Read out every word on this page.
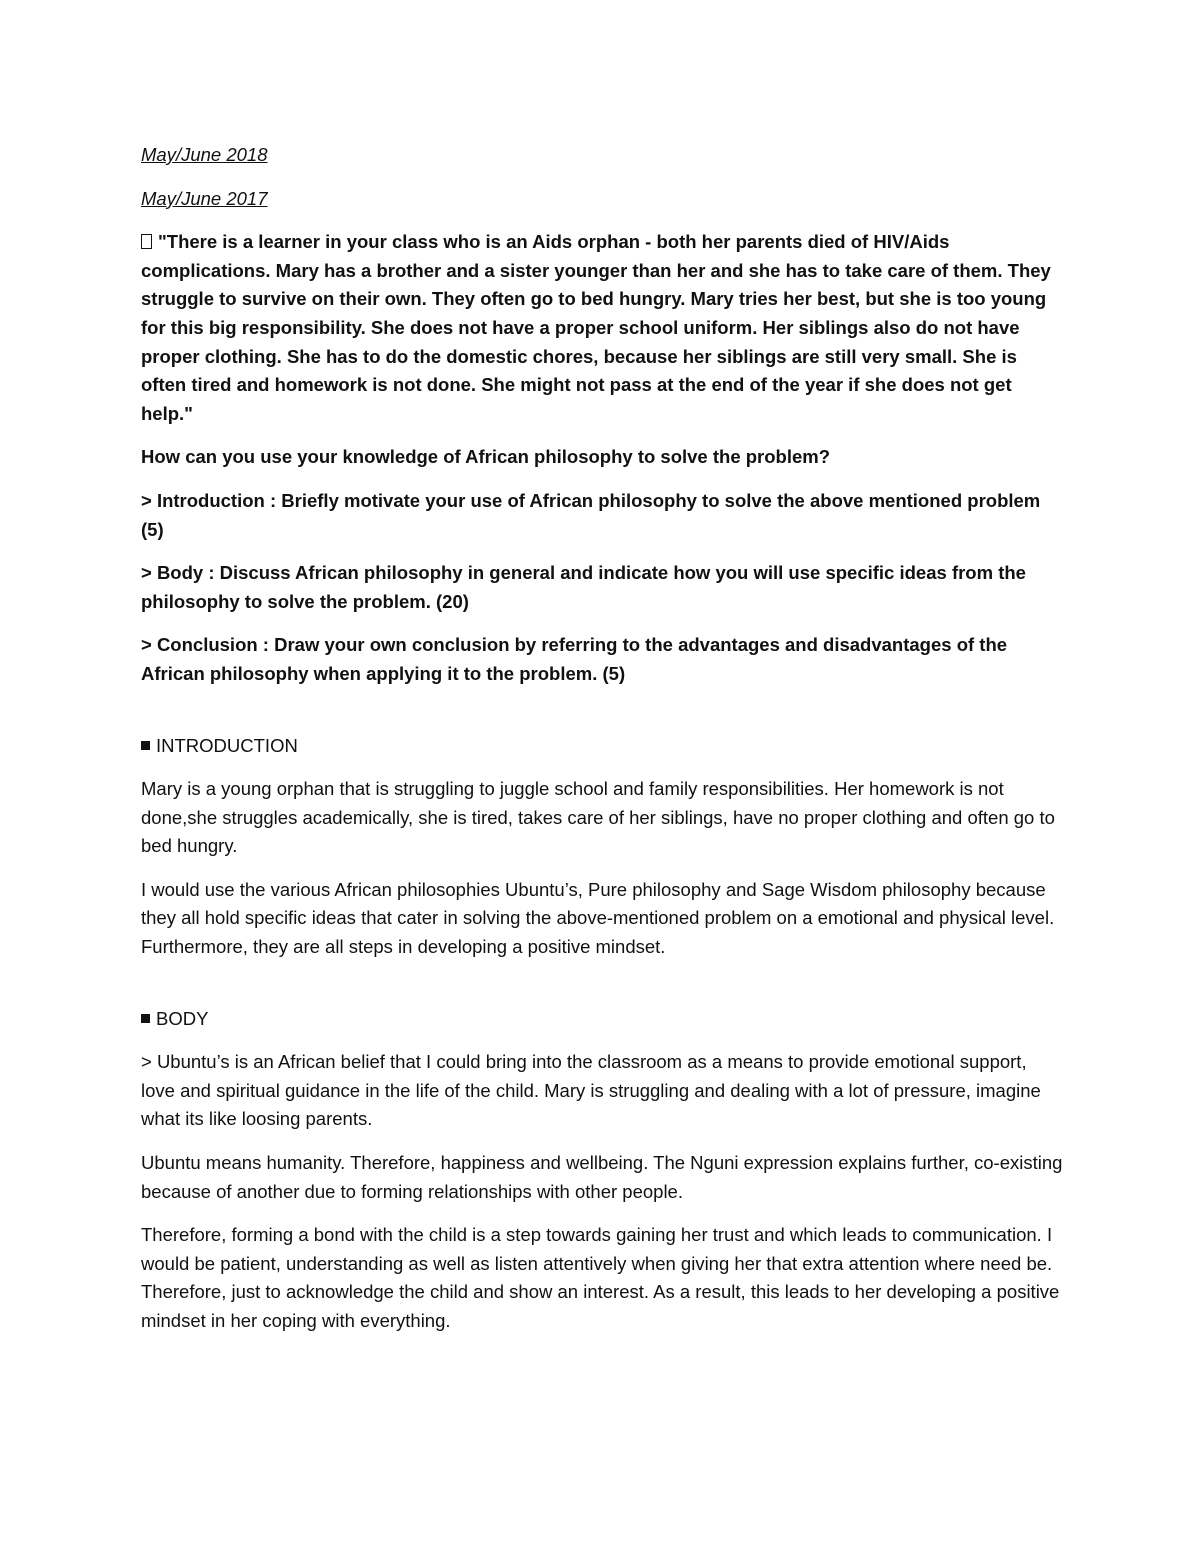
May/June 2018

May/June 2017

"There is a learner in your class who is an Aids orphan - both her parents died of HIV/Aids complications. Mary has a brother and a sister younger than her and she has to take care of them. They struggle to survive on their own. They often go to bed hungry. Mary tries her best, but she is too young for this big responsibility. She does not have a proper school uniform. Her siblings also do not have proper clothing. She has to do the domestic chores, because her siblings are still very small. She is often tired and homework is not done. She might not pass at the end of the year if she does not get help."

How can you use your knowledge of African philosophy to solve the problem?

> Introduction : Briefly motivate your use of African philosophy to solve the above mentioned problem (5)

> Body : Discuss African philosophy in general and indicate how you will use specific ideas from the philosophy to solve the problem. (20)

> Conclusion : Draw your own conclusion by referring to the advantages and disadvantages of the African philosophy when applying it to the problem. (5)

INTRODUCTION

Mary is a young orphan that is struggling to juggle school and family responsibilities. Her homework is not done,she struggles academically, she is tired, takes care of her siblings, have no proper clothing and often go to bed hungry.

I would use the various African philosophies Ubuntu’s, Pure philosophy and Sage Wisdom philosophy because they all hold specific ideas that cater in solving the above-mentioned problem on a emotional and physical level. Furthermore, they are all steps in developing a positive mindset.

BODY

> Ubuntu’s is an African belief that I could bring into the classroom as a means to provide emotional support, love and spiritual guidance in the life of the child. Mary is struggling and dealing with a lot of pressure, imagine what its like loosing parents.

Ubuntu means humanity. Therefore, happiness and wellbeing. The Nguni expression explains further, co-existing because of another due to forming relationships with other people.

Therefore, forming a bond with the child is a step towards gaining her trust and which leads to communication. I would be patient, understanding as well as listen attentively when giving her that extra attention where need be. Therefore, just to acknowledge the child and show an interest. As a result, this leads to her developing a positive mindset in her coping with everything.
